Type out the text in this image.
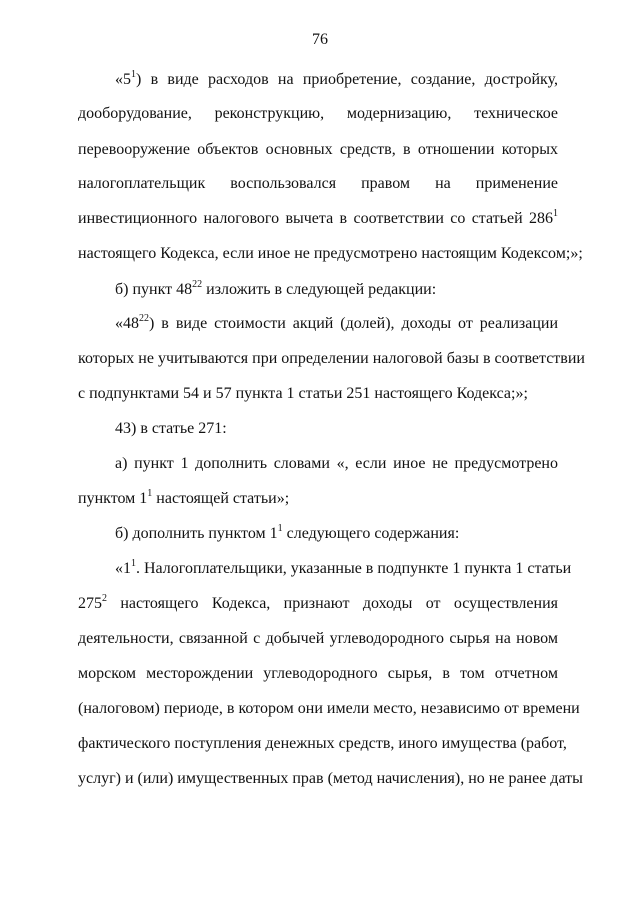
76
«$5^1$) в виде расходов на приобретение, создание, достройку,
дооборудование, реконструкцию, модернизацию, техническое
перевооружение объектов основных средств, в отношении которых
налогоплательщик воспользовался правом на применение
инвестиционного налогового вычета в соответствии со статьей $286^1$
настоящего Кодекса, если иное не предусмотрено настоящим Кодексом;»;
б) пункт $48^{22}$ изложить в следующей редакции:
«$48^{22}$) в виде стоимости акций (долей), доходы от реализации
которых не учитываются при определении налоговой базы в соответствии
с подпунктами 54 и 57 пункта 1 статьи 251 настоящего Кодекса;»;
43) в статье 271:
а) пункт 1 дополнить словами «, если иное не предусмотрено
пунктом $1^1$ настоящей статьи»;
б) дополнить пунктом $1^1$ следующего содержания:
«$1^1$. Налогоплательщики, указанные в подпункте 1 пункта 1 статьи
$275^2$ настоящего Кодекса, признают доходы от осуществления
деятельности, связанной с добычей углеводородного сырья на новом
морском месторождении углеводородного сырья, в том отчетном
(налоговом) периоде, в котором они имели место, независимо от времени
фактического поступления денежных средств, иного имущества (работ,
услуг) и (или) имущественных прав (метод начисления), но не ранее даты
